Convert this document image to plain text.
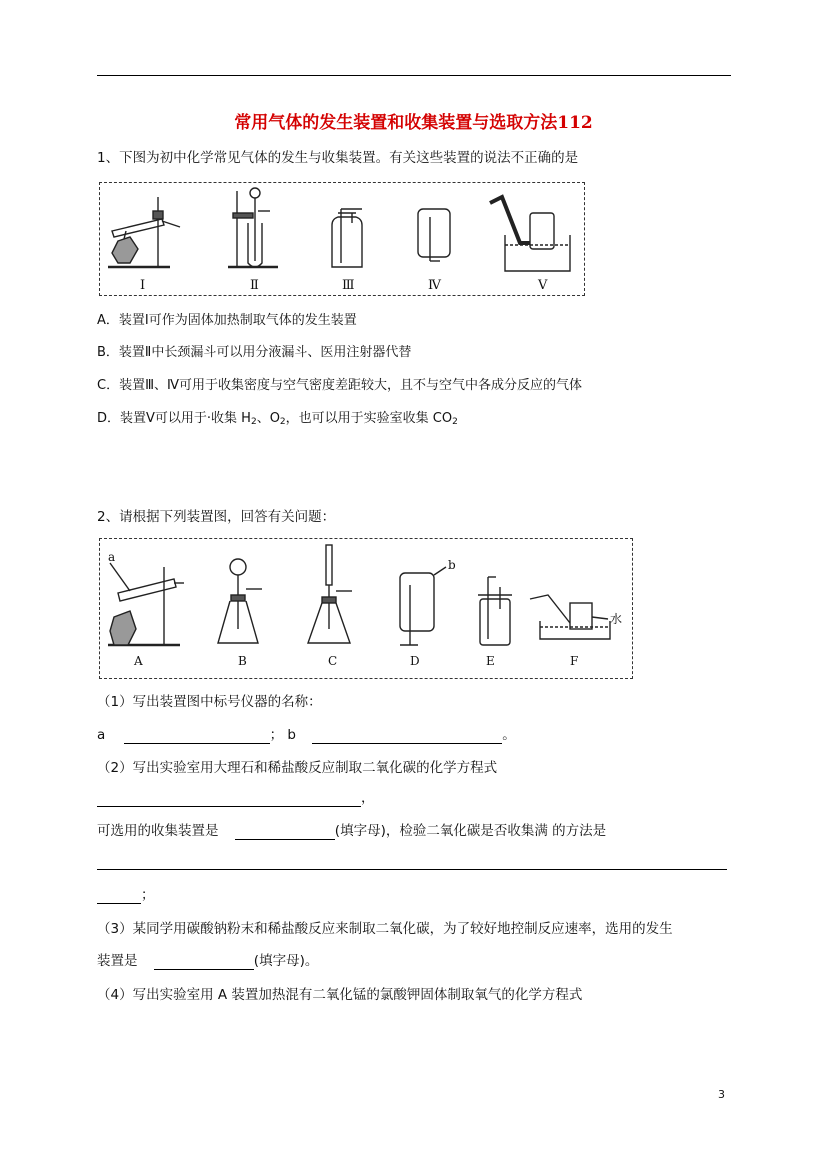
常用气体的发生装置和收集装置与选取方法112
1、下图为初中化学常见气体的发生与收集装置。有关这些装置的说法不正确的是
Ⅰ	Ⅱ	Ⅲ	Ⅳ	Ⅴ
A．装置Ⅰ可作为固体加热制取气体的发生装置
B．装置Ⅱ中长颈漏斗可以用分液漏斗、医用注射器代替
C．装置Ⅲ、Ⅳ可用于收集密度与空气密度差距较大，且不与空气中各成分反应的气体
D．装置Ⅴ可以用于·收集 $H_2$、$O_2$，也可以用于实验室收集 $CO_2$
2、请根据下列装置图，回答有关问题：
a
b
水
A	B	C	D	E	F
（1）写出装置图中标号仪器的名称：
a	； b	。
（2）写出实验室用大理石和稀盐酸反应制取二氧化碳的化学方程式
，
可选用的收集装置是	(填字母)，检验二氧化碳是否收集满 的方法是
；
（3）某同学用碳酸钠粉末和稀盐酸反应来制取二氧化碳，为了较好地控制反应速率，选用的发生
装置是	(填字母)。
（4）写出实验室用 A 装置加热混有二氧化锰的氯酸钾固体制取氧气的化学方程式
3
